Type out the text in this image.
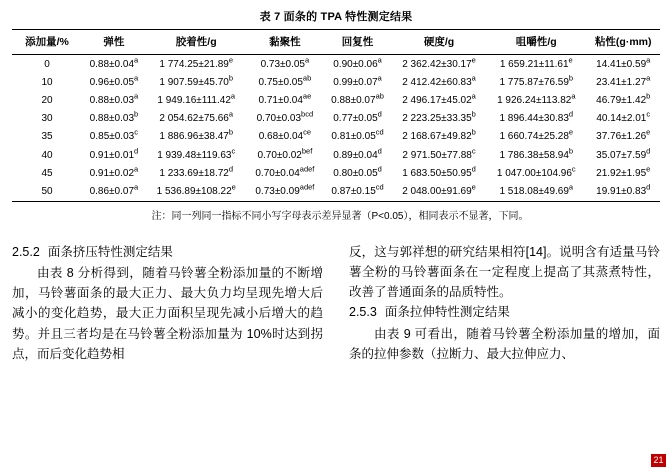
表 7 面条的 TPA 特性测定结果
添加量/%	弹性	胶着性/g	黏聚性	回复性	硬度/g	咀嚼性/g	粘性(g·mm)
0	0.88±0.04$^a$	1 774.25±21.89$^e$	0.73±0.05$^a$	0.90±0.06$^a$	2 362.42±30.17$^e$	1 659.21±11.61$^e$	14.41±0.59$^a$
10	0.96±0.05$^a$	1 907.59±45.70$^b$	0.75±0.05$^{ab}$	0.99±0.07$^a$	2 412.42±60.83$^a$	1 775.87±76.59$^b$	23.41±1.27$^a$
20	0.88±0.03$^a$	1 949.16±111.42$^a$	0.71±0.04$^{ae}$	0.88±0.07$^{ab}$	2 496.17±45.02$^a$	1 926.24±113.82$^a$	46.79±1.42$^b$
30	0.88±0.03$^b$	2 054.62±75.66$^a$	0.70±0.03$^{bcd}$	0.77±0.05$^d$	2 223.25±33.35$^b$	1 896.44±30.83$^d$	40.14±2.01$^c$
35	0.85±0.03$^c$	1 886.96±38.47$^b$	0.68±0.04$^{ce}$	0.81±0.05$^{cd}$	2 168.67±49.82$^b$	1 660.74±25.28$^e$	37.76±1.26$^e$
40	0.91±0.01$^d$	1 939.48±119.63$^c$	0.70±0.02$^{bef}$	0.89±0.04$^d$	2 971.50±77.88$^c$	1 786.38±58.94$^b$	35.07±7.59$^d$
45	0.91±0.02$^a$	1 233.69±18.72$^d$	$0.70\pm 0.04^{adef}$	0.80±0.05$^d$	1 683.50±50.95$^d$	1 047.00±104.96$^c$	21.92±1.95$^e$
50	0.86±0.07$^a$	1 536.89±108.22$^e$	$0.73\pm 0.09^{adef}$	0.87±0.15$^{cd}$	2 048.00±91.69$^e$	1 518.08±49.69$^a$	19.91±0.83$^d$
注：同一列同一指标不同小写字母表示差异显著（P<0.05），相同表示不显著，下同。
2.5.2 面条挤压特性测定结果

由表 8 分析得到，随着马铃薯全粉添加量的不断增加，马铃薯面条的最大正力、最大负力均呈现先增大后减小的变化趋势，最大正力面积呈现先减小后增大的趋势。并且三者均是在马铃薯全粉添加量为 10%时达到拐点，而后变化趋势相

反，这与郭祥想的研究结果相符[14]。说明含有适量马铃薯全粉的马铃薯面条在一定程度上提高了其蒸煮特性，改善了普通面条的品质特性。

2.5.3 面条拉伸特性测定结果

由表 9 可看出，随着马铃薯全粉添加量的增加，面条的拉伸参数（拉断力、最大拉伸应力、

21
